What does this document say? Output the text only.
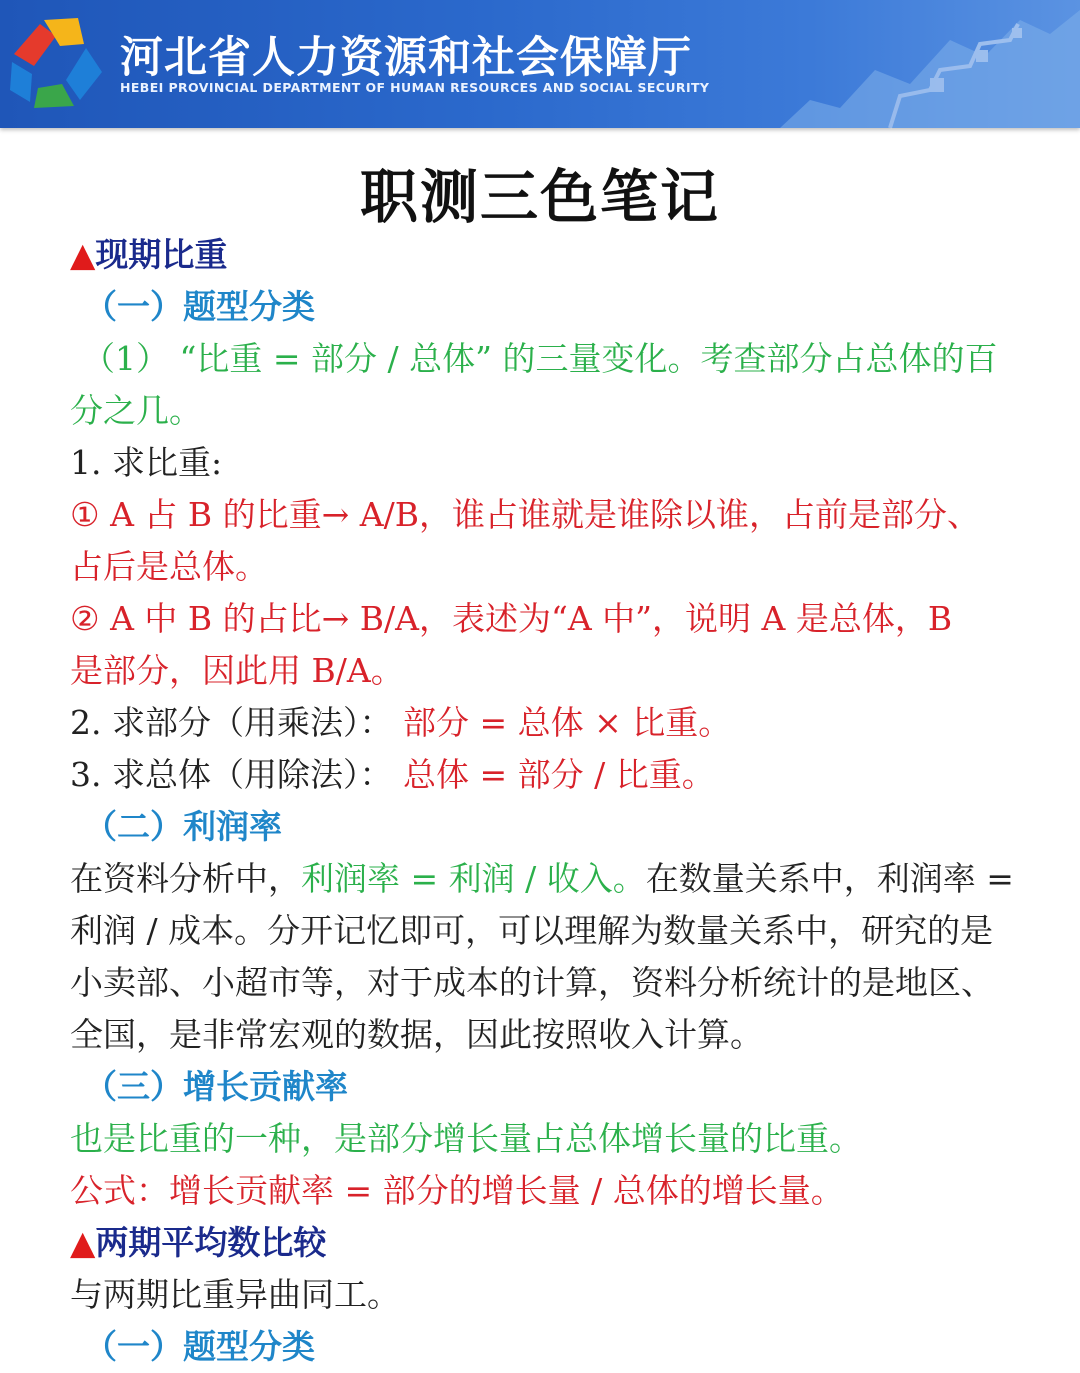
河北省人力资源和社会保障厅
HEBEI PROVINCIAL DEPARTMENT OF HUMAN RESOURCES AND SOCIAL SECURITY
职测三色笔记
▲现期比重
（一）题型分类
（1） “比重 = 部分 / 总体” 的三量变化。考查部分占总体的百
分之几。
1. 求比重:
① A 占 B 的比重→ A/B，谁占谁就是谁除以谁，占前是部分、
占后是总体。
② A 中 B 的占比→ B/A，表述为“A 中”，说明 A 是总体，B
是部分，因此用 B/A。
2. 求部分（用乘法）： 部分 = 总体 × 比重。
3. 求总体（用除法）： 总体 = 部分 / 比重。
（二）利润率
在资料分析中，利润率 = 利润 / 收入。在数量关系中，利润率 =
利润 / 成本。分开记忆即可，可以理解为数量关系中，研究的是
小卖部、小超市等，对于成本的计算，资料分析统计的是地区、
全国，是非常宏观的数据，因此按照收入计算。
（三）增长贡献率
也是比重的一种，是部分增长量占总体增长量的比重。
公式：增长贡献率 = 部分的增长量 / 总体的增长量。
▲两期平均数比较
与两期比重异曲同工。
（一）题型分类
